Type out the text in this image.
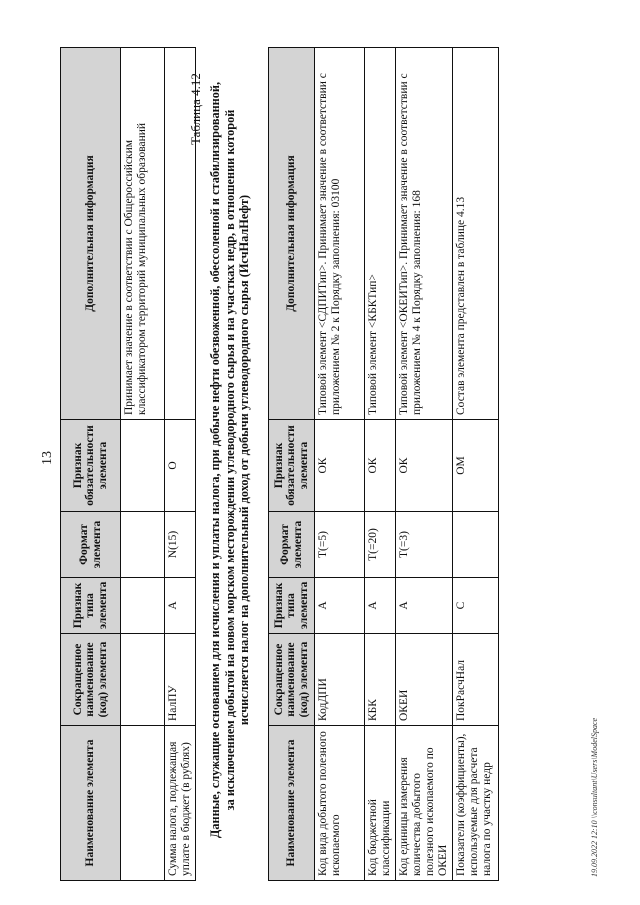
13
Наименование элемента	Сокращенное наименование (код) элемента	Признак типа элемента	Формат элемента	Признак обязательности элемента	Дополнительная информация
					Принимает значение в соответствии с Общероссийским классификатором территорий муниципальных образований
Сумма налога, подлежащая уплате в бюджет (в рублях)	НалПУ	А	N(15)	О	
Таблица 4.12 Данные, служащие основанием для исчисления и уплаты налога, при добыче нефти обезвоженной, обессоленной и стабилизированной, за исключением добытой на новом морском месторождении углеводородного сырья и на участках недр, в отношении которой исчисляется налог на дополнительный доход от добычи углеводородного сырья (ИсчНалНефт)
Наименование элемента	Сокращенное наименование (код) элемента	Признак типа элемента	Формат элемента	Признак обязательности элемента	Дополнительная информация
Код вида добытого полезного ископаемого	КодДПИ	А	T(=5)	ОК	Типовой элемент <СДПИТип>. Принимает значение в соответствии с приложением № 2 к Порядку заполнения: 03100
Код бюджетной классификации	КБК	А	T(=20)	ОК	Типовой элемент <КБКТип>
Код единицы измерения количества добытого полезного ископаемого по ОКЕИ	ОКЕИ	А	T(=3)	ОК	Типовой элемент <ОКЕИТип>. Принимает значение в соответствии с приложением № 4 к Порядку заполнения: 168
Показатели (коэффициенты), используемые для расчета налога по участку недр	ПокРасчНал	С		ОМ	Состав элемента представлен в таблице 4.13
19.09.2022 12:10 \\consultant\Users\ModelSpace
